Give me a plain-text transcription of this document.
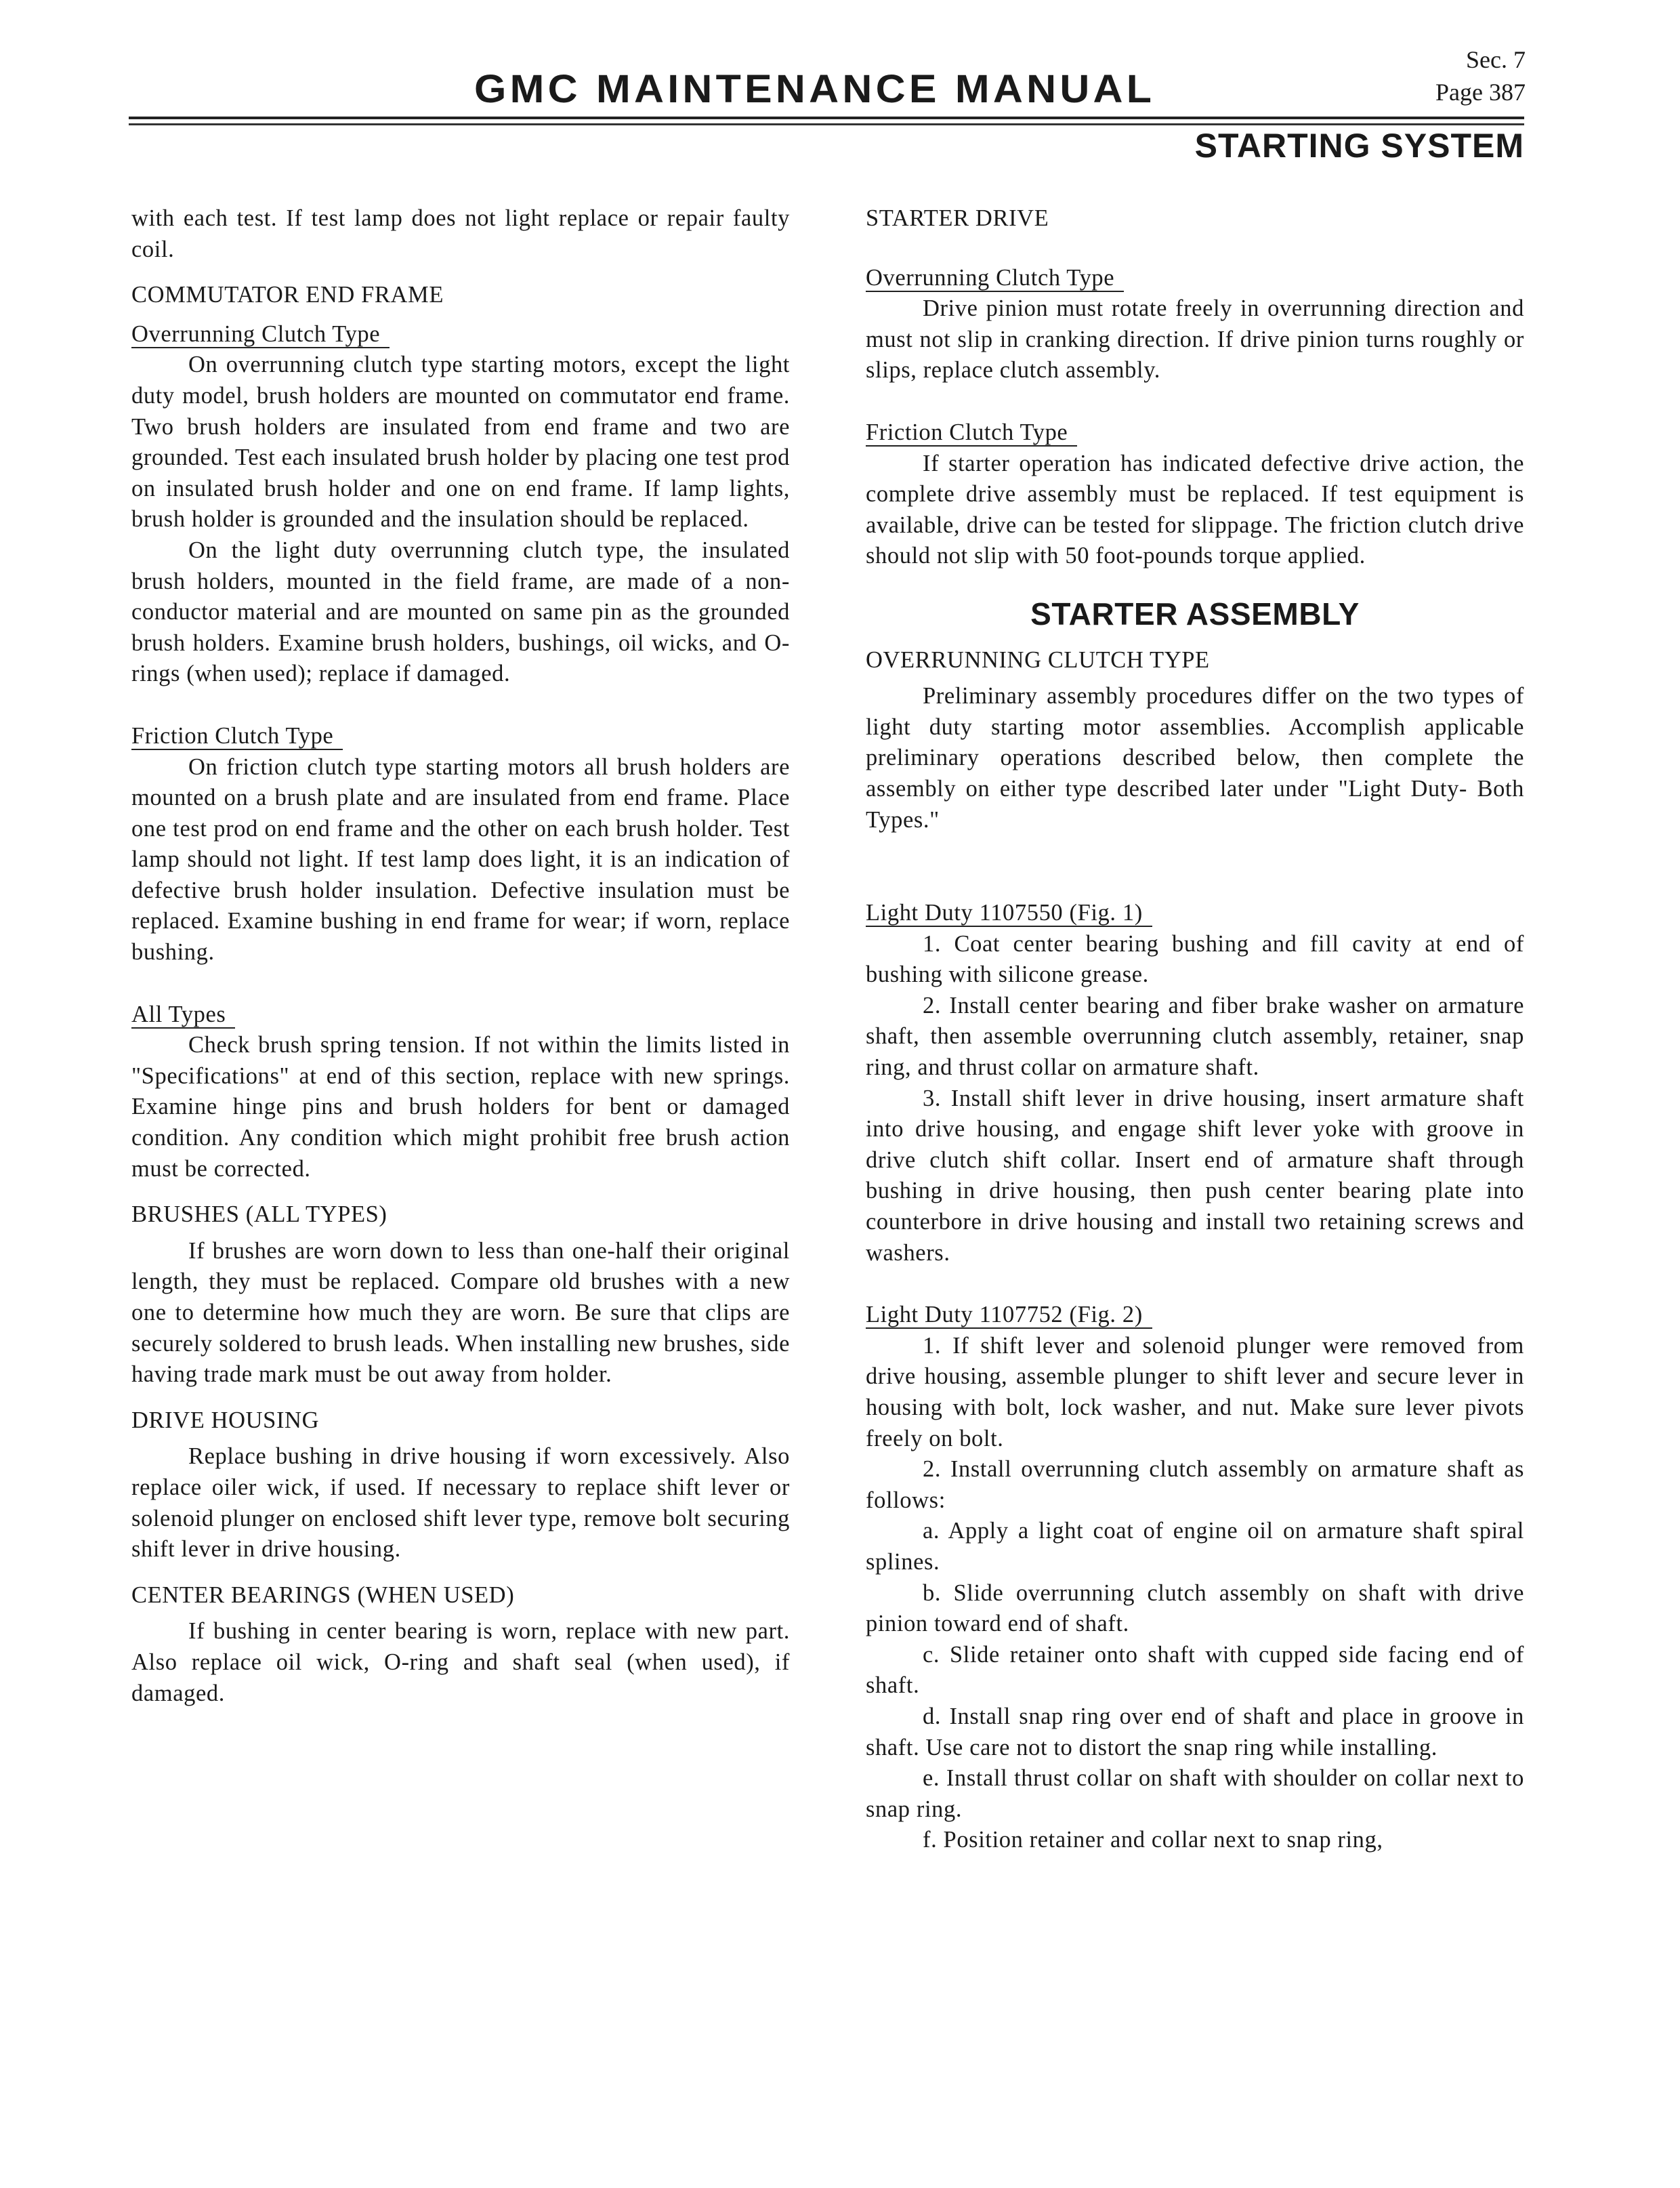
GMC MAINTENANCE MANUAL
Sec. 7
Page 387
STARTING SYSTEM
with each test. If test lamp does not light replace or repair faulty coil.
COMMUTATOR END FRAME
Overrunning Clutch Type
On overrunning clutch type starting motors, except the light duty model, brush holders are mounted on commutator end frame. Two brush holders are insulated from end frame and two are grounded. Test each insulated brush holder by placing one test prod on insulated brush holder and one on end frame. If lamp lights, brush holder is grounded and the insulation should be replaced.
On the light duty overrunning clutch type, the insulated brush holders, mounted in the field frame, are made of a non-conductor material and are mounted on same pin as the grounded brush holders. Examine brush holders, bushings, oil wicks, and O-rings (when used); replace if damaged.
Friction Clutch Type
On friction clutch type starting motors all brush holders are mounted on a brush plate and are insulated from end frame. Place one test prod on end frame and the other on each brush holder. Test lamp should not light. If test lamp does light, it is an indication of defective brush holder insulation. Defective insulation must be replaced. Examine bushing in end frame for wear; if worn, replace bushing.
All Types
Check brush spring tension. If not within the limits listed in "Specifications" at end of this section, replace with new springs. Examine hinge pins and brush holders for bent or damaged condition. Any condition which might prohibit free brush action must be corrected.
BRUSHES (ALL TYPES)
If brushes are worn down to less than one-half their original length, they must be replaced. Compare old brushes with a new one to determine how much they are worn. Be sure that clips are securely soldered to brush leads. When installing new brushes, side having trade mark must be out away from holder.
DRIVE HOUSING
Replace bushing in drive housing if worn excessively. Also replace oiler wick, if used. If necessary to replace shift lever or solenoid plunger on enclosed shift lever type, remove bolt securing shift lever in drive housing.
CENTER BEARINGS (WHEN USED)
If bushing in center bearing is worn, replace with new part. Also replace oil wick, O-ring and shaft seal (when used), if damaged.
STARTER DRIVE
Overrunning Clutch Type
Drive pinion must rotate freely in overrunning direction and must not slip in cranking direction. If drive pinion turns roughly or slips, replace clutch assembly.
Friction Clutch Type
If starter operation has indicated defective drive action, the complete drive assembly must be replaced. If test equipment is available, drive can be tested for slippage. The friction clutch drive should not slip with 50 foot-pounds torque applied.
STARTER ASSEMBLY
OVERRUNNING CLUTCH TYPE
Preliminary assembly procedures differ on the two types of light duty starting motor assemblies. Accomplish applicable preliminary operations described below, then complete the assembly on either type described later under "Light Duty- Both Types."
Light Duty 1107550 (Fig. 1)
1. Coat center bearing bushing and fill cavity at end of bushing with silicone grease.
2. Install center bearing and fiber brake washer on armature shaft, then assemble overrunning clutch assembly, retainer, snap ring, and thrust collar on armature shaft.
3. Install shift lever in drive housing, insert armature shaft into drive housing, and engage shift lever yoke with groove in drive clutch shift collar. Insert end of armature shaft through bushing in drive housing, then push center bearing plate into counterbore in drive housing and install two retaining screws and washers.
Light Duty 1107752 (Fig. 2)
1. If shift lever and solenoid plunger were removed from drive housing, assemble plunger to shift lever and secure lever in housing with bolt, lock washer, and nut. Make sure lever pivots freely on bolt.
2. Install overrunning clutch assembly on armature shaft as follows:
a. Apply a light coat of engine oil on armature shaft spiral splines.
b. Slide overrunning clutch assembly on shaft with drive pinion toward end of shaft.
c. Slide retainer onto shaft with cupped side facing end of shaft.
d. Install snap ring over end of shaft and place in groove in shaft. Use care not to distort the snap ring while installing.
e. Install thrust collar on shaft with shoulder on collar next to snap ring.
f. Position retainer and collar next to snap ring,
